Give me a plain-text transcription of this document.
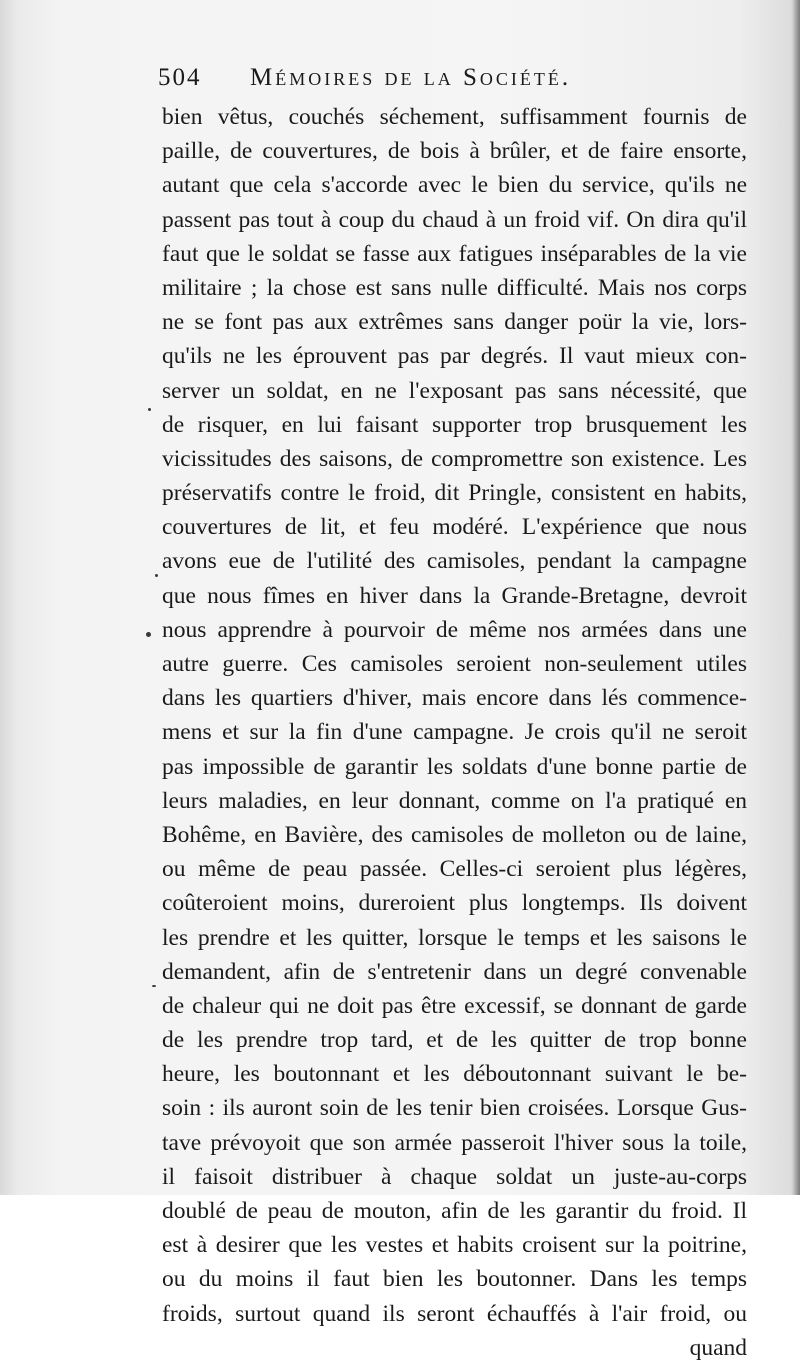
504 Mémoires de la Société.
bien vêtus, couchés séchement, suffisamment fournis de
paille, de couvertures, de bois à brûler, et de faire ensorte,
autant que cela s'accorde avec le bien du service, qu'ils ne
passent pas tout à coup du chaud à un froid vif. On dira qu'il
faut que le soldat se fasse aux fatigues inséparables de la vie
militaire ; la chose est sans nulle difficulté. Mais nos corps
ne se font pas aux extrêmes sans danger poür la vie, lors-
qu'ils ne les éprouvent pas par degrés. Il vaut mieux con-
server un soldat, en ne l'exposant pas sans nécessité, que
de risquer, en lui faisant supporter trop brusquement les
vicissitudes des saisons, de compromettre son existence. Les
préservatifs contre le froid, dit Pringle, consistent en habits,
couvertures de lit, et feu modéré. L'expérience que nous
avons eue de l'utilité des camisoles, pendant la campagne
que nous fîmes en hiver dans la Grande-Bretagne, devroit
nous apprendre à pourvoir de même nos armées dans une
autre guerre. Ces camisoles seroient non-seulement utiles
dans les quartiers d'hiver, mais encore dans lés commence-
mens et sur la fin d'une campagne. Je crois qu'il ne seroit
pas impossible de garantir les soldats d'une bonne partie de
leurs maladies, en leur donnant, comme on l'a pratiqué en
Bohême, en Bavière, des camisoles de molleton ou de laine,
ou même de peau passée. Celles-ci seroient plus légères,
coûteroient moins, dureroient plus longtemps. Ils doivent
les prendre et les quitter, lorsque le temps et les saisons le
demandent, afin de s'entretenir dans un degré convenable
de chaleur qui ne doit pas être excessif, se donnant de garde
de les prendre trop tard, et de les quitter de trop bonne
heure, les boutonnant et les déboutonnant suivant le be-
soin : ils auront soin de les tenir bien croisées. Lorsque Gus-
tave prévoyoit que son armée passeroit l'hiver sous la toile,
il faisoit distribuer à chaque soldat un juste-au-corps
doublé de peau de mouton, afin de les garantir du froid. Il
est à desirer que les vestes et habits croisent sur la poitrine,
ou du moins il faut bien les boutonner. Dans les temps
froids, surtout quand ils seront échauffés à l'air froid, ou
quand
